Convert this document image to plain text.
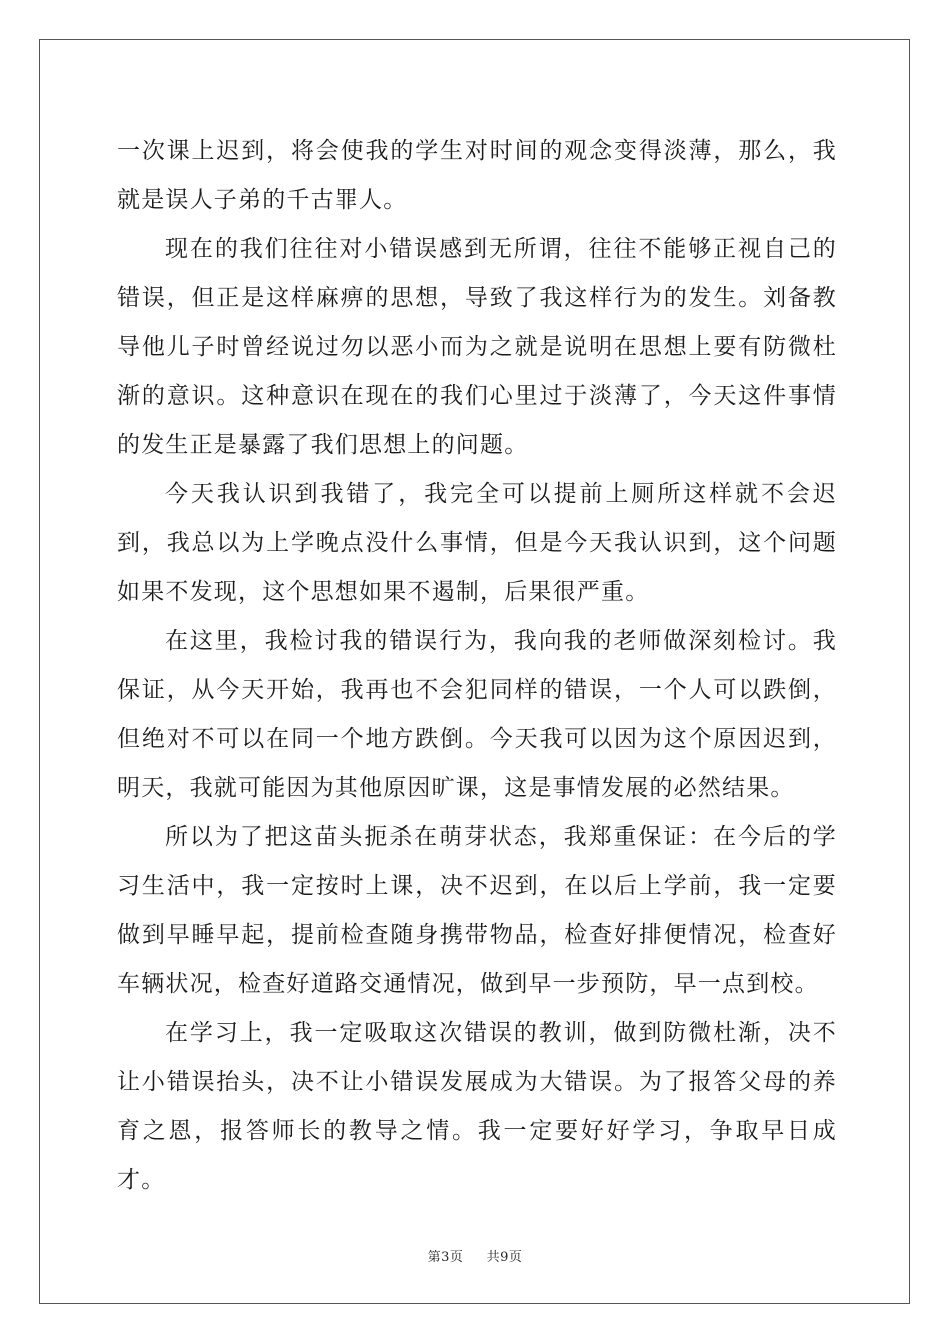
一次课上迟到，将会使我的学生对时间的观念变得淡薄，那么，我就是误人子弟的千古罪人。

现在的我们往往对小错误感到无所谓，往往不能够正视自己的错误，但正是这样麻痹的思想，导致了我这样行为的发生。刘备教导他儿子时曾经说过勿以恶小而为之就是说明在思想上要有防微杜渐的意识。这种意识在现在的我们心里过于淡薄了，今天这件事情的发生正是暴露了我们思想上的问题。

今天我认识到我错了，我完全可以提前上厕所这样就不会迟到，我总以为上学晚点没什么事情，但是今天我认识到，这个问题如果不发现，这个思想如果不遏制，后果很严重。

在这里，我检讨我的错误行为，我向我的老师做深刻检讨。我保证，从今天开始，我再也不会犯同样的错误，一个人可以跌倒，但绝对不可以在同一个地方跌倒。今天我可以因为这个原因迟到，明天，我就可能因为其他原因旷课，这是事情发展的必然结果。

所以为了把这苗头扼杀在萌芽状态，我郑重保证：在今后的学习生活中，我一定按时上课，决不迟到，在以后上学前，我一定要做到早睡早起，提前检查随身携带物品，检查好排便情况，检查好车辆状况，检查好道路交通情况，做到早一步预防，早一点到校。

在学习上，我一定吸取这次错误的教训，做到防微杜渐，决不让小错误抬头，决不让小错误发展成为大错误。为了报答父母的养育之恩，报答师长的教导之情。我一定要好好学习，争取早日成才。

第3页 共9页
